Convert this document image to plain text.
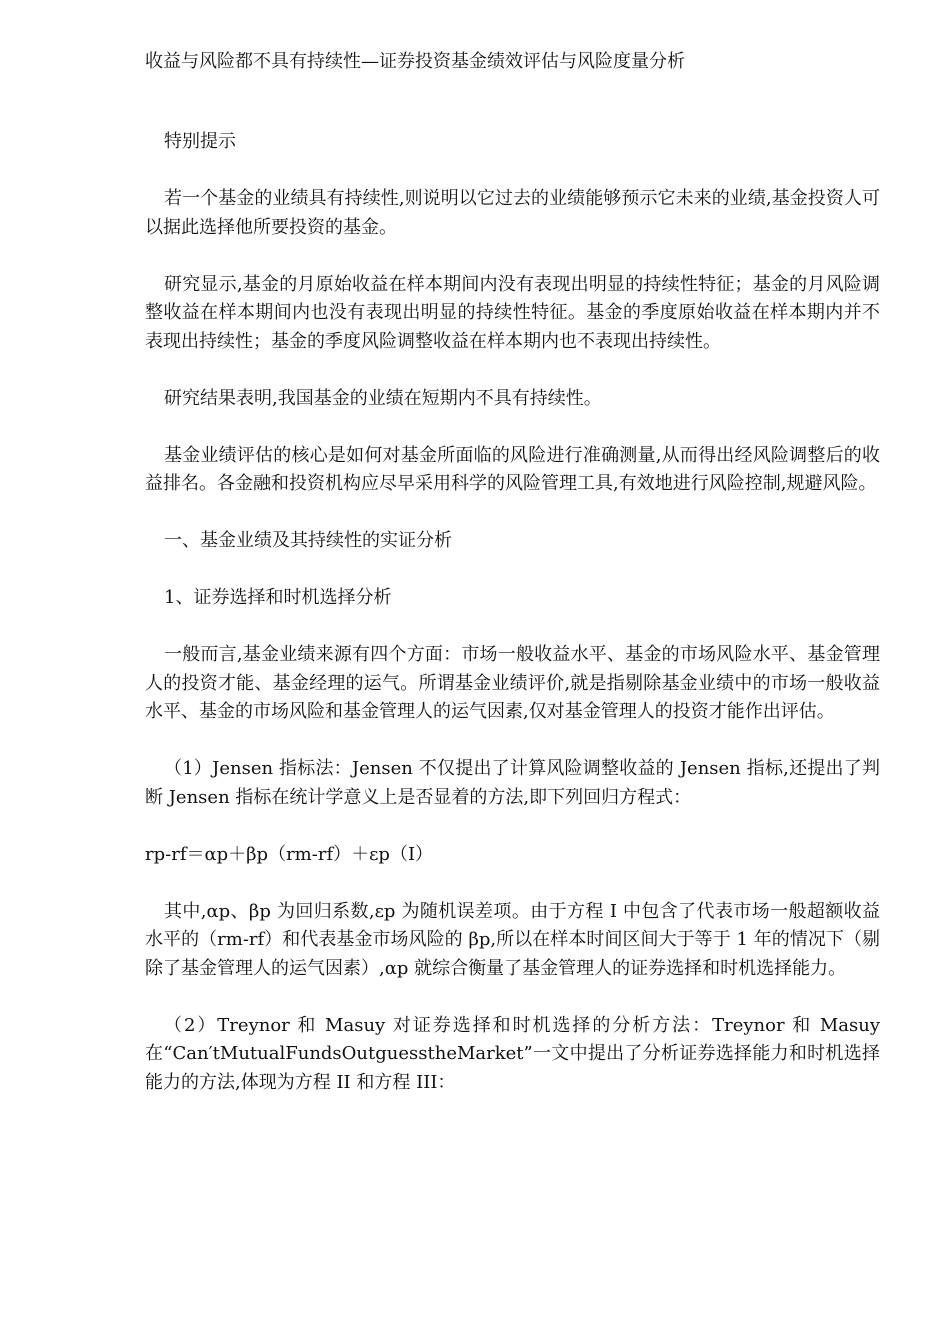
收益与风险都不具有持续性—证券投资基金绩效评估与风险度量分析

特别提示

若一个基金的业绩具有持续性,则说明以它过去的业绩能够预示它未来的业绩,基金投资人可以据此选择他所要投资的基金。

研究显示,基金的月原始收益在样本期间内没有表现出明显的持续性特征；基金的月风险调整收益在样本期间内也没有表现出明显的持续性特征。基金的季度原始收益在样本期内并不表现出持续性；基金的季度风险调整收益在样本期内也不表现出持续性。

研究结果表明,我国基金的业绩在短期内不具有持续性。

基金业绩评估的核心是如何对基金所面临的风险进行准确测量,从而得出经风险调整后的收益排名。各金融和投资机构应尽早采用科学的风险管理工具,有效地进行风险控制,规避风险。

一、基金业绩及其持续性的实证分析

1、证券选择和时机选择分析

一般而言,基金业绩来源有四个方面：市场一般收益水平、基金的市场风险水平、基金管理人的投资才能、基金经理的运气。所谓基金业绩评价,就是指剔除基金业绩中的市场一般收益水平、基金的市场风险和基金管理人的运气因素,仅对基金管理人的投资才能作出评估。

（1）Jensen 指标法：Jensen 不仅提出了计算风险调整收益的 Jensen 指标,还提出了判断 Jensen 指标在统计学意义上是否显着的方法,即下列回归方程式：

rp-rf＝αp＋βp（rm-rf）＋εp（I）

其中,αp、βp 为回归系数,εp 为随机误差项。由于方程 I 中包含了代表市场一般超额收益水平的（rm-rf）和代表基金市场风险的 βp,所以在样本时间区间大于等于 1 年的情况下（剔除了基金管理人的运气因素）,αp 就综合衡量了基金管理人的证券选择和时机选择能力。

（2）Treynor 和 Masuy 对证券选择和时机选择的分析方法：Treynor 和 Masuy 在“Can′tMutualFundsOutguesstheMarket”一文中提出了分析证券选择能力和时机选择能力的方法,体现为方程 II 和方程 III：
